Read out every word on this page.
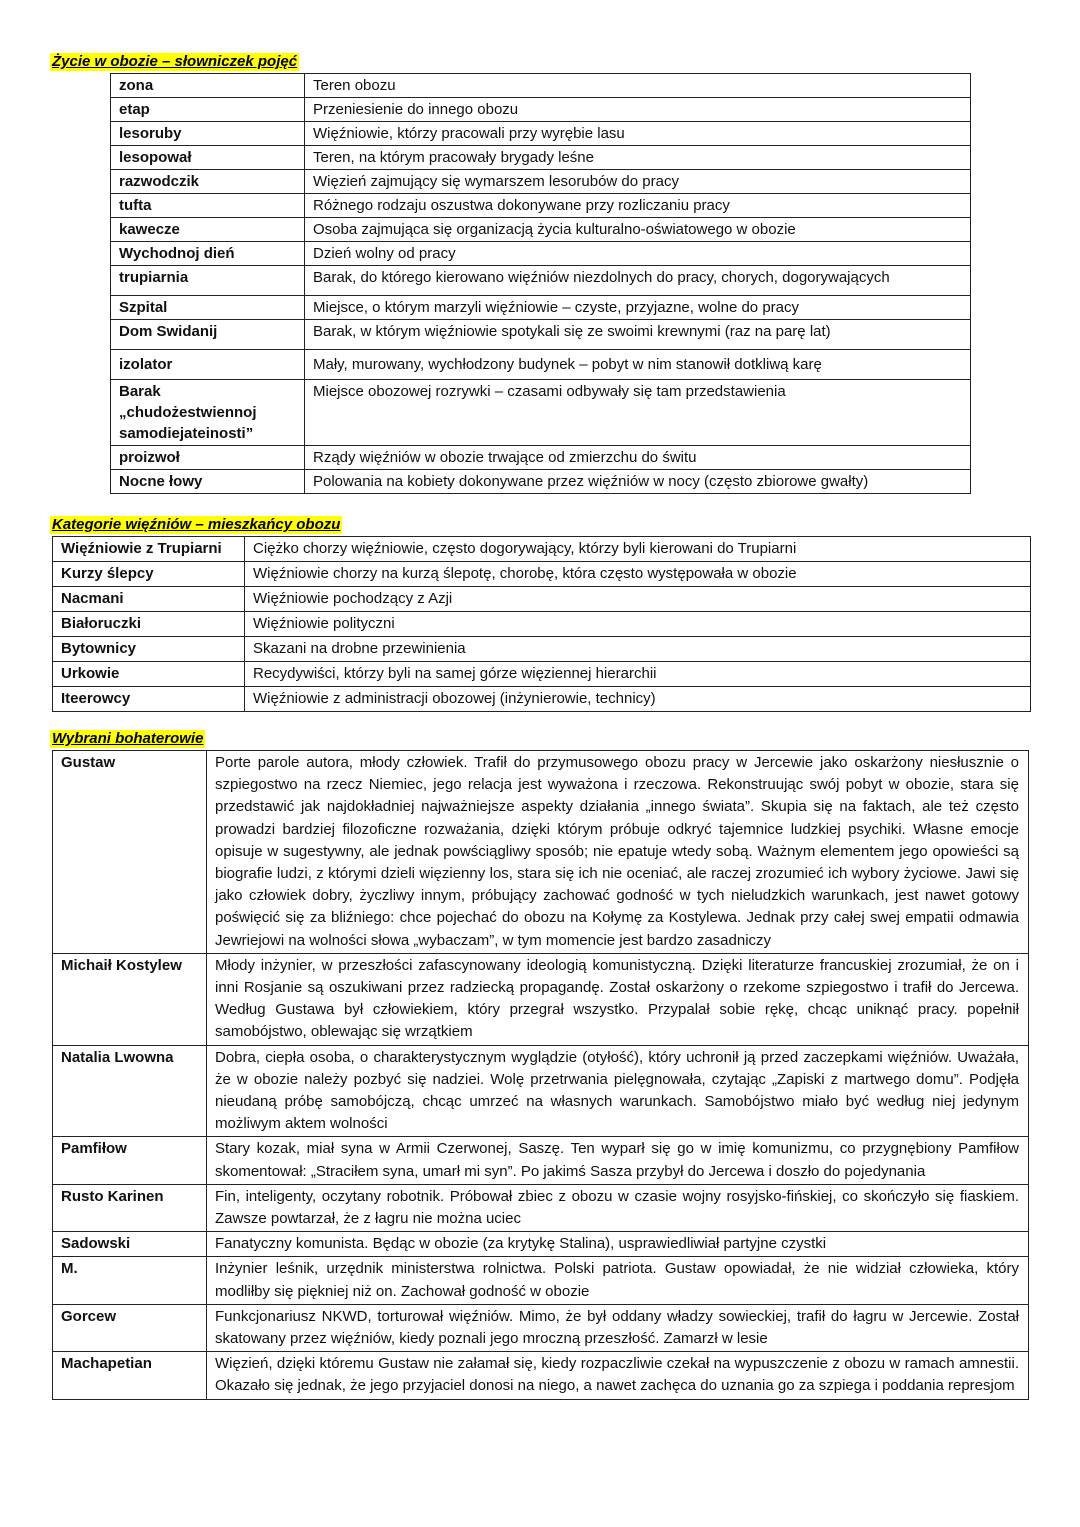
Życie w obozie – słowniczek pojęć
zona	Teren obozu
etap	Przeniesienie do innego obozu
lesoruby	Więźniowie, którzy pracowali przy wyrębie lasu
lesopował	Teren, na którym pracowały brygady leśne
razwodczik	Więzień zajmujący się wymarszem lesorubów do pracy
tufta	Różnego rodzaju oszustwa dokonywane przy rozliczaniu pracy
kawecze	Osoba zajmująca się organizacją życia kulturalno-oświatowego w obozie
Wychodnoj dień	Dzień wolny od pracy
trupiarnia	Barak, do którego kierowano więźniów niezdolnych do pracy, chorych, dogorywających
Szpital	Miejsce, o którym marzyli więźniowie – czyste, przyjazne, wolne do pracy
Dom Swidanij	Barak, w którym więźniowie spotykali się ze swoimi krewnymi (raz na parę lat)
izolator	Mały, murowany, wychłodzony budynek – pobyt w nim stanowił dotkliwą karę
Barak „chudożestwiennoj samodiejateinosti”	Miejsce obozowej rozrywki – czasami odbywały się tam przedstawienia
proizwoł	Rządy więźniów w obozie trwające od zmierzchu do świtu
Nocne łowy	Polowania na kobiety dokonywane przez więźniów w nocy (często zbiorowe gwałty)
Kategorie więźniów – mieszkańcy obozu
Więźniowie z Trupiarni	Ciężko chorzy więźniowie, często dogorywający, którzy byli kierowani do Trupiarni
Kurzy ślepcy	Więźniowie chorzy na kurzą ślepotę, chorobę, która często występowała w obozie
Nacmani	Więźniowie pochodzący z Azji
Białoruczki	Więźniowie polityczni
Bytownicy	Skazani na drobne przewinienia
Urkowie	Recydywiści, którzy byli na samej górze więziennej hierarchii
Iteerowcy	Więźniowie z administracji obozowej (inżynierowie, technicy)
Wybrani bohaterowie
Gustaw	Porte parole autora, młody człowiek. Trafił do przymusowego obozu pracy w Jercewie jako oskarżony niesłusznie o szpiegostwo na rzecz Niemiec, jego relacja jest wyważona i rzeczowa. Rekonstruując swój pobyt w obozie, stara się przedstawić jak najdokładniej najważniejsze aspekty działania „innego świata”. Skupia się na faktach, ale też często prowadzi bardziej filozoficzne rozważania, dzięki którym próbuje odkryć tajemnice ludzkiej psychiki. Własne emocje opisuje w sugestywny, ale jednak powściągliwy sposób; nie epatuje wtedy sobą. Ważnym elementem jego opowieści są biografie ludzi, z którymi dzieli więzienny los, stara się ich nie oceniać, ale raczej zrozumieć ich wybory życiowe. Jawi się jako człowiek dobry, życzliwy innym, próbujący zachować godność w tych nieludzkich warunkach, jest nawet gotowy poświęcić się za bliźniego: chce pojechać do obozu na Kołymę za Kostylewa. Jednak przy całej swej empatii odmawia Jewriejowi na wolności słowa „wybaczam”, w tym momencie jest bardzo zasadniczy
Michaił Kostylew	Młody inżynier, w przeszłości zafascynowany ideologią komunistyczną. Dzięki literaturze francuskiej zrozumiał, że on i inni Rosjanie są oszukiwani przez radziecką propagandę. Został oskarżony o rzekome szpiegostwo i trafił do Jercewa. Według Gustawa był człowiekiem, który przegrał wszystko. Przypalał sobie rękę, chcąc uniknąć pracy. popełnił samobójstwo, oblewając się wrzątkiem
Natalia Lwowna	Dobra, ciepła osoba, o charakterystycznym wyglądzie (otyłość), który uchronił ją przed zaczepkami więźniów. Uważała, że w obozie należy pozbyć się nadziei. Wolę przetrwania pielęgnowała, czytając „Zapiski z martwego domu”. Podjęła nieudaną próbę samobójczą, chcąc umrzeć na własnych warunkach. Samobójstwo miało być według niej jedynym możliwym aktem wolności
Pamfiłow	Stary kozak, miał syna w Armii Czerwonej, Saszę. Ten wyparł się go w imię komunizmu, co przygnębiony Pamfiłow skomentował: „Straciłem syna, umarł mi syn”. Po jakimś Sasza przybył do Jercewa i doszło do pojedynania
Rusto Karinen	Fin, inteligenty, oczytany robotnik. Próbował zbiec z obozu w czasie wojny rosyjsko-fińskiej, co skończyło się fiaskiem. Zawsze powtarzał, że z łagru nie można uciec
Sadowski	Fanatyczny komunista. Będąc w obozie (za krytykę Stalina), usprawiedliwiał partyjne czystki
M.	Inżynier leśnik, urzędnik ministerstwa rolnictwa. Polski patriota. Gustaw opowiadał, że nie widział człowieka, który modliłby się piękniej niż on. Zachował godność w obozie
Gorcew	Funkcjonariusz NKWD, torturował więźniów. Mimo, że był oddany władzy sowieckiej, trafił do łagru w Jercewie. Został skatowany przez więźniów, kiedy poznali jego mroczną przeszłość. Zamarzł w lesie
Machapetian	Więzień, dzięki któremu Gustaw nie załamał się, kiedy rozpaczliwie czekał na wypuszczenie z obozu w ramach amnestii. Okazało się jednak, że jego przyjaciel donosi na niego, a nawet zachęca do uznania go za szpiega i poddania represjom
